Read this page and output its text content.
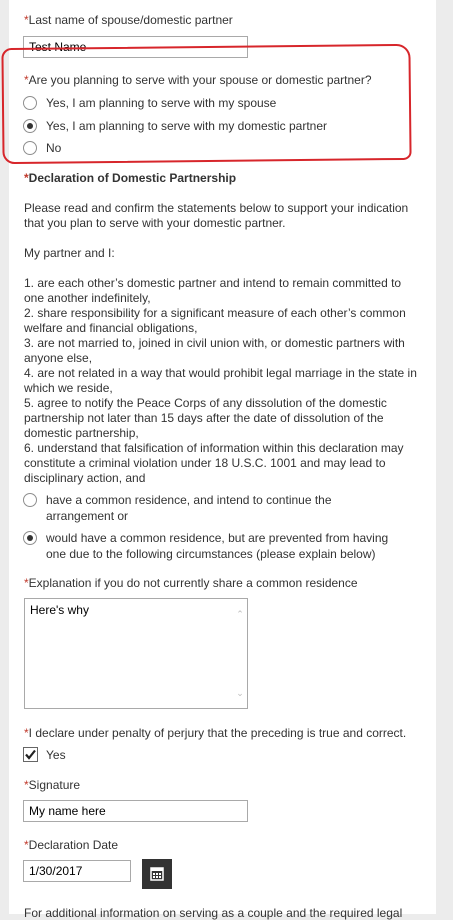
*Last name of spouse/domestic partner
Test Name
*Are you planning to serve with your spouse or domestic partner?
Yes, I am planning to serve with my spouse
Yes, I am planning to serve with my domestic partner
No
*Declaration of Domestic Partnership
Please read and confirm the statements below to support your indication that you plan to serve with your domestic partner.
My partner and I:
1. are each other’s domestic partner and intend to remain committed to one another indefinitely,
2. share responsibility for a significant measure of each other’s common welfare and financial obligations,
3. are not married to, joined in civil union with, or domestic partners with anyone else,
4. are not related in a way that would prohibit legal marriage in the state in which we reside,
5. agree to notify the Peace Corps of any dissolution of the domestic partnership not later than 15 days after the date of dissolution of the domestic partnership,
6. understand that falsification of information within this declaration may constitute a criminal violation under 18 U.S.C. 1001 and may lead to disciplinary action, and
have a common residence, and intend to continue the
arrangement or
would have a common residence, but are prevented from having
one due to the following circumstances (please explain below)
*Explanation if you do not currently share a common residence
Here's why	⌃
⌄
*I declare under penalty of perjury that the preceding is true and correct.
Yes
*Signature
My name here
*Declaration Date
1/30/2017
For additional information on serving as a couple and the required legal
